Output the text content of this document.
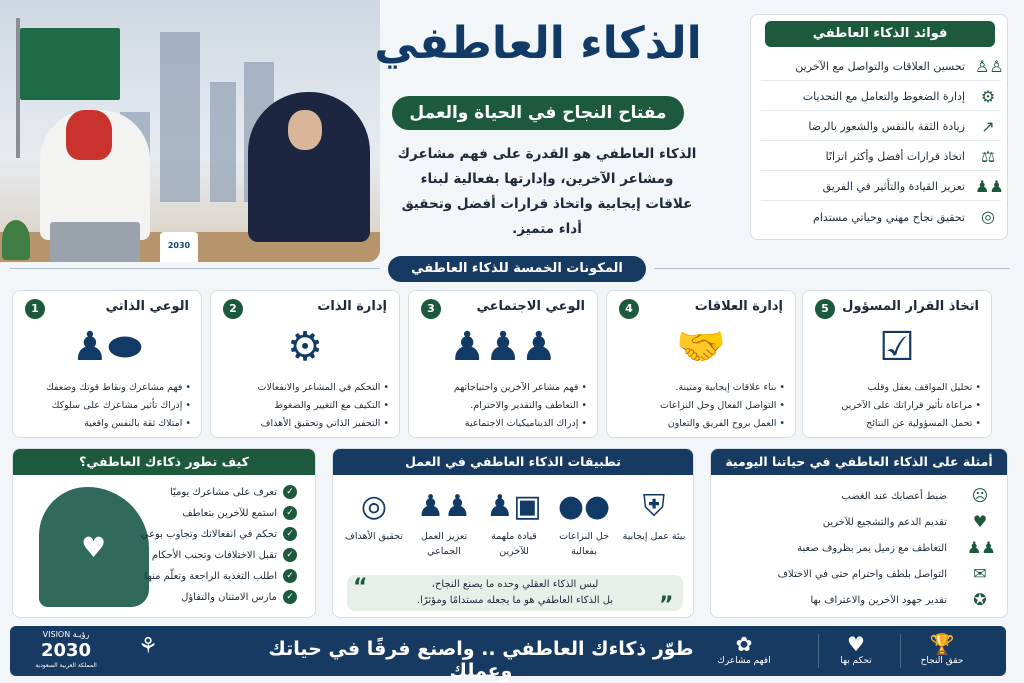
2030
الذكاء العاطفي
مفتاح النجاح في الحياة والعمل
الذكاء العاطفي هو القدرة على فهم مشاعرك ومشاعر الآخرين، وإدارتها بفعالية لبناء علاقات إيجابية واتخاذ قرارات أفضل وتحقيق أداء متميز.
فوائد الذكاء العاطفي
تحسين العلاقات والتواصل مع الآخرين ♙♙
إدارة الضغوط والتعامل مع التحديات ⚙
زيادة الثقة بالنفس والشعور بالرضا	↗
اتخاذ قرارات أفضل وأكثر اتزانًا ⚖
تعزيز القيادة والتأثير في الفريق ♟♟
تحقيق نجاح مهني وحياتي مستدام	◎
المكونات الخمسة للذكاء العاطفي
1	الوعي الذاتي
♟⬬
• فهم مشاعرك ونقاط قوتك وضعفك
• إدراك تأثير مشاعرك على سلوكك
• امتلاك ثقة بالنفس واقعية
2	إدارة الذات
⚙
• التحكم في المشاعر والانفعالات
• التكيف مع التغيير والضغوط
• التحفيز الذاتي وتحقيق الأهداف
3	الوعي الاجتماعي
♟♟♟
• فهم مشاعر الآخرين واحتياجاتهم
• التعاطف والتقدير والاحترام.
• إدراك الديناميكيات الاجتماعية
4	إدارة العلاقات
🤝
• بناء علاقات إيجابية ومتينة.
• التواصل الفعال وحل النزاعات
• العمل بروح الفريق والتعاون
5	اتخاذ القرار المسؤول
☑
• تحليل المواقف بعقل وقلب
• مراعاة تأثير قراراتك على الآخرين
• تحمل المسؤولية عن النتائج
كيف تطور ذكاءك العاطفي؟
♥
✓
تعرف على مشاعرك يوميًا
✓
استمع للآخرين بتعاطف
✓
تحكم في انفعالاتك وتجاوب بوعي
✓
تقبل الاختلافات وتجنب الأحكام
✓
اطلب التغذية الراجعة وتعلّم منها
✓
مارس الامتنان والتفاؤل
تطبيقات الذكاء العاطفي في العمل
◎
تحقيق الأهداف
♟♟
تعزيز العمل الجماعي
♟▣
قيادة ملهمة للآخرين
●●
حل النزاعات بفعالية
⛨
بيئة عمل إيجابية
ليس الذكاء العقلي وحده ما يصنع النجاح،
بل الذكاء العاطفي هو ما يجعله مستدامًا ومؤثرًا.
“
”
أمثلة على الذكاء العاطفي في حياتنا اليومية
ضبط أعصابك عند الغضب ☹
تقديم الدعم والتشجيع للآخرين	♥
التعاطف مع زميل يمر بظروف صعبة ♟♟
التواصل بلطف واحترام حتى في الاختلاف	✉
تقدير جهود الآخرين والاعتراف بها	✪
VISION رؤيـة
2030
المملكة العربية السعودية
⚘	طوّر ذكاءك العاطفي .. واصنع فرقًا في حياتك وعملك
✿
افهم مشاعرك
♥
تحكم بها
🏆
حقق النجاح
